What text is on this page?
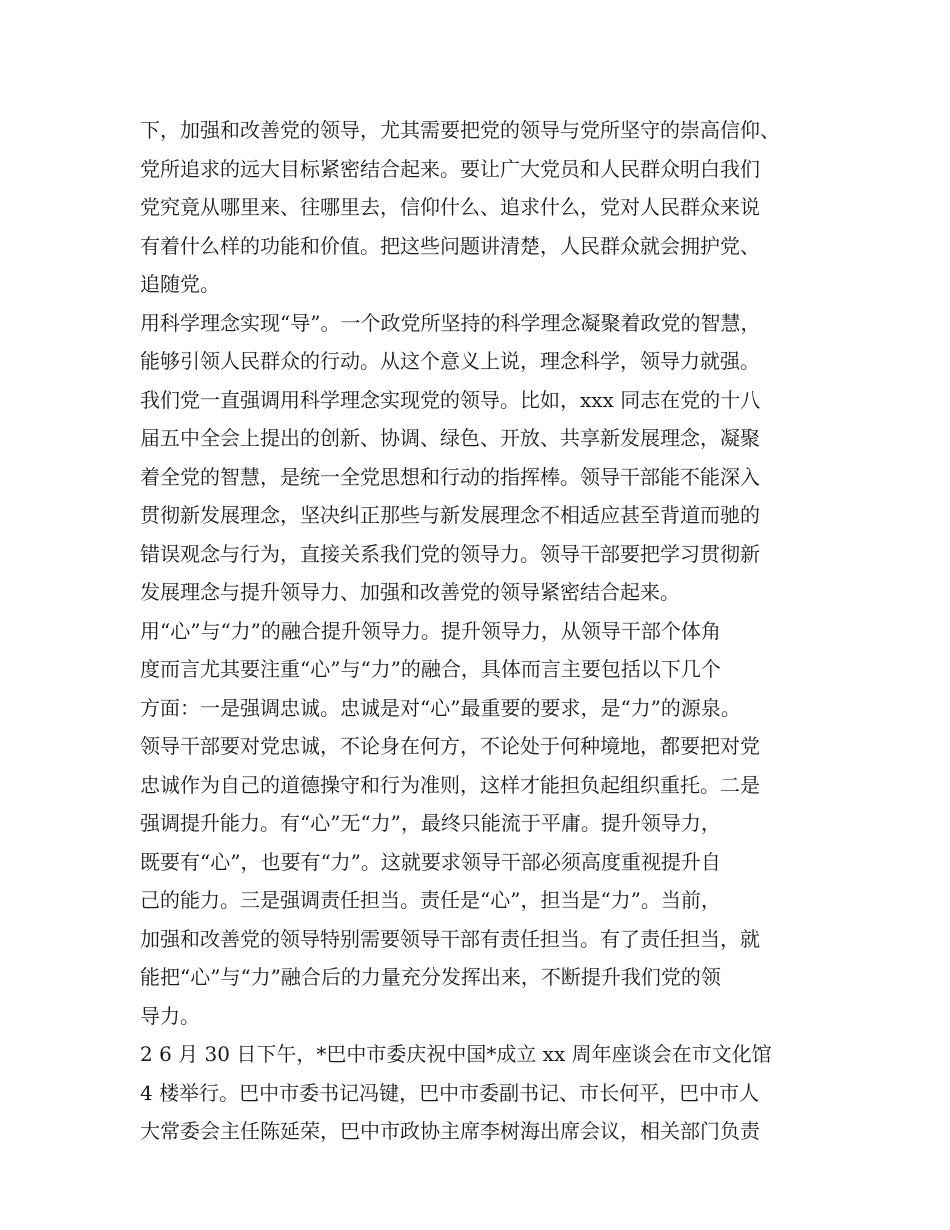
下，加强和改善党的领导，尤其需要把党的领导与党所坚守的崇高信仰、
党所追求的远大目标紧密结合起来。要让广大党员和人民群众明白我们
党究竟从哪里来、往哪里去，信仰什么、追求什么，党对人民群众来说
有着什么样的功能和价值。把这些问题讲清楚，人民群众就会拥护党、
追随党。
用科学理念实现“导”。一个政党所坚持的科学理念凝聚着政党的智慧，
能够引领人民群众的行动。从这个意义上说，理念科学，领导力就强。
我们党一直强调用科学理念实现党的领导。比如，xxx 同志在党的十八
届五中全会上提出的创新、协调、绿色、开放、共享新发展理念，凝聚
着全党的智慧，是统一全党思想和行动的指挥棒。领导干部能不能深入
贯彻新发展理念，坚决纠正那些与新发展理念不相适应甚至背道而驰的
错误观念与行为，直接关系我们党的领导力。领导干部要把学习贯彻新
发展理念与提升领导力、加强和改善党的领导紧密结合起来。
用“心”与“力”的融合提升领导力。提升领导力，从领导干部个体角
度而言尤其要注重“心”与“力”的融合，具体而言主要包括以下几个
方面：一是强调忠诚。忠诚是对“心”最重要的要求，是“力”的源泉。
领导干部要对党忠诚，不论身在何方，不论处于何种境地，都要把对党
忠诚作为自己的道德操守和行为准则，这样才能担负起组织重托。二是
强调提升能力。有“心”无“力”，最终只能流于平庸。提升领导力，
既要有“心”，也要有“力”。这就要求领导干部必须高度重视提升自
己的能力。三是强调责任担当。责任是“心”，担当是“力”。当前，
加强和改善党的领导特别需要领导干部有责任担当。有了责任担当，就
能把“心”与“力”融合后的力量充分发挥出来，不断提升我们党的领
导力。
2 6 月 30 日下午，*巴中市委庆祝中国*成立 xx 周年座谈会在市文化馆
4 楼举行。巴中市委书记冯键，巴中市委副书记、市长何平，巴中市人
大常委会主任陈延荣，巴中市政协主席李树海出席会议，相关部门负责
